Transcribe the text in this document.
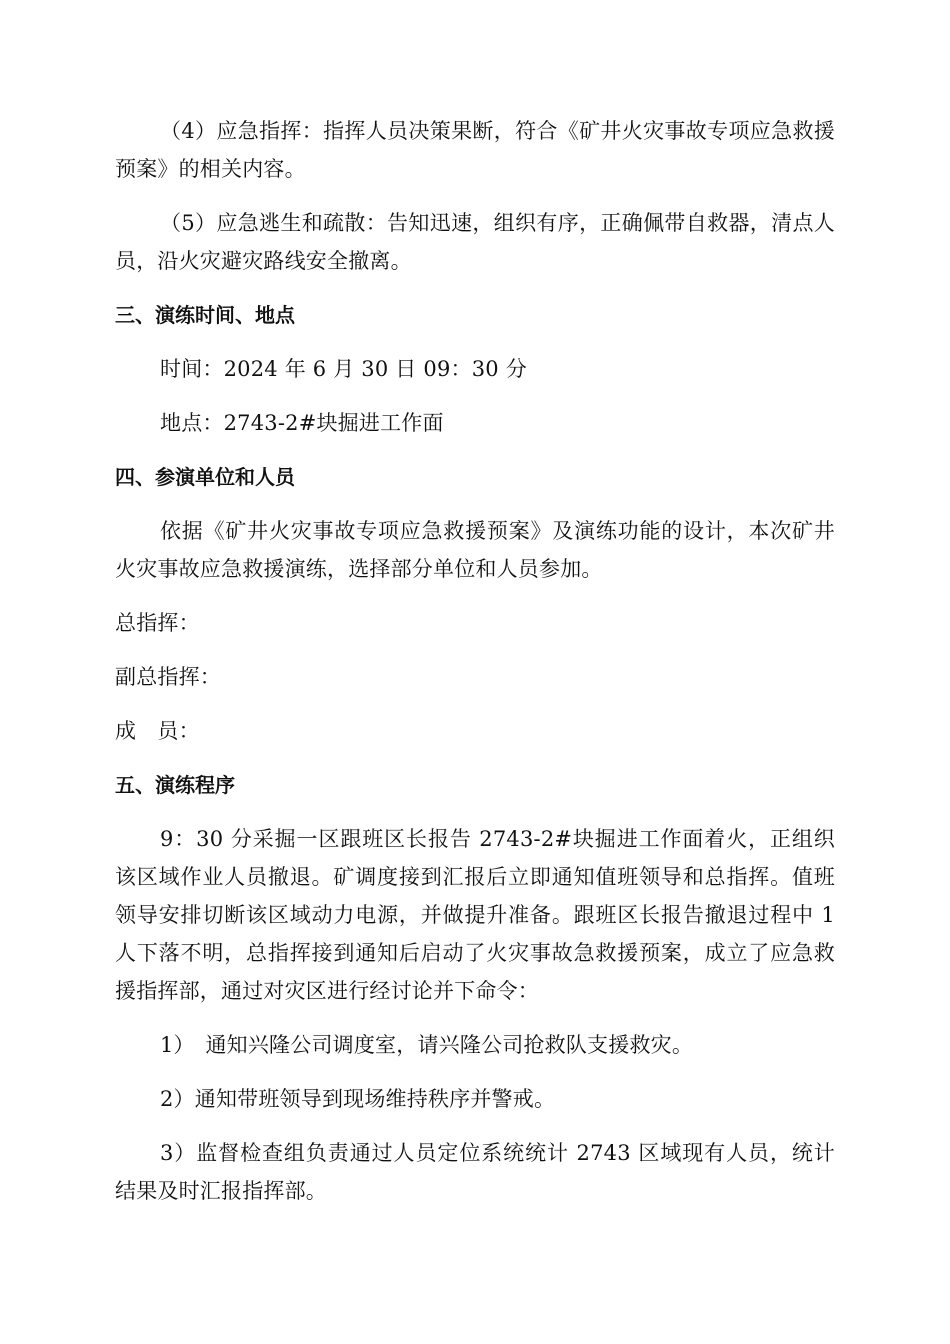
（4）应急指挥：指挥人员决策果断，符合《矿井火灾事故专项应急救援预案》的相关内容。

（5）应急逃生和疏散：告知迅速，组织有序，正确佩带自救器，清点人员，沿火灾避灾路线安全撤离。

三、演练时间、地点

时间：2024 年 6 月 30 日 09：30 分

地点：2743-2#块掘进工作面

四、参演单位和人员

依据《矿井火灾事故专项应急救援预案》及演练功能的设计，本次矿井火灾事故应急救援演练，选择部分单位和人员参加。

总指挥：

副总指挥：

成　员：

五、演练程序

9：30 分采掘一区跟班区长报告 2743-2#块掘进工作面着火，正组织该区域作业人员撤退。矿调度接到汇报后立即通知值班领导和总指挥。值班领导安排切断该区域动力电源，并做提升准备。跟班区长报告撤退过程中 1 人下落不明，总指挥接到通知后启动了火灾事故急救援预案，成立了应急救援指挥部，通过对灾区进行经讨论并下命令：

1）　通知兴隆公司调度室，请兴隆公司抢救队支援救灾。

2）通知带班领导到现场维持秩序并警戒。

3）监督检查组负责通过人员定位系统统计 2743 区域现有人员，统计结果及时汇报指挥部。
